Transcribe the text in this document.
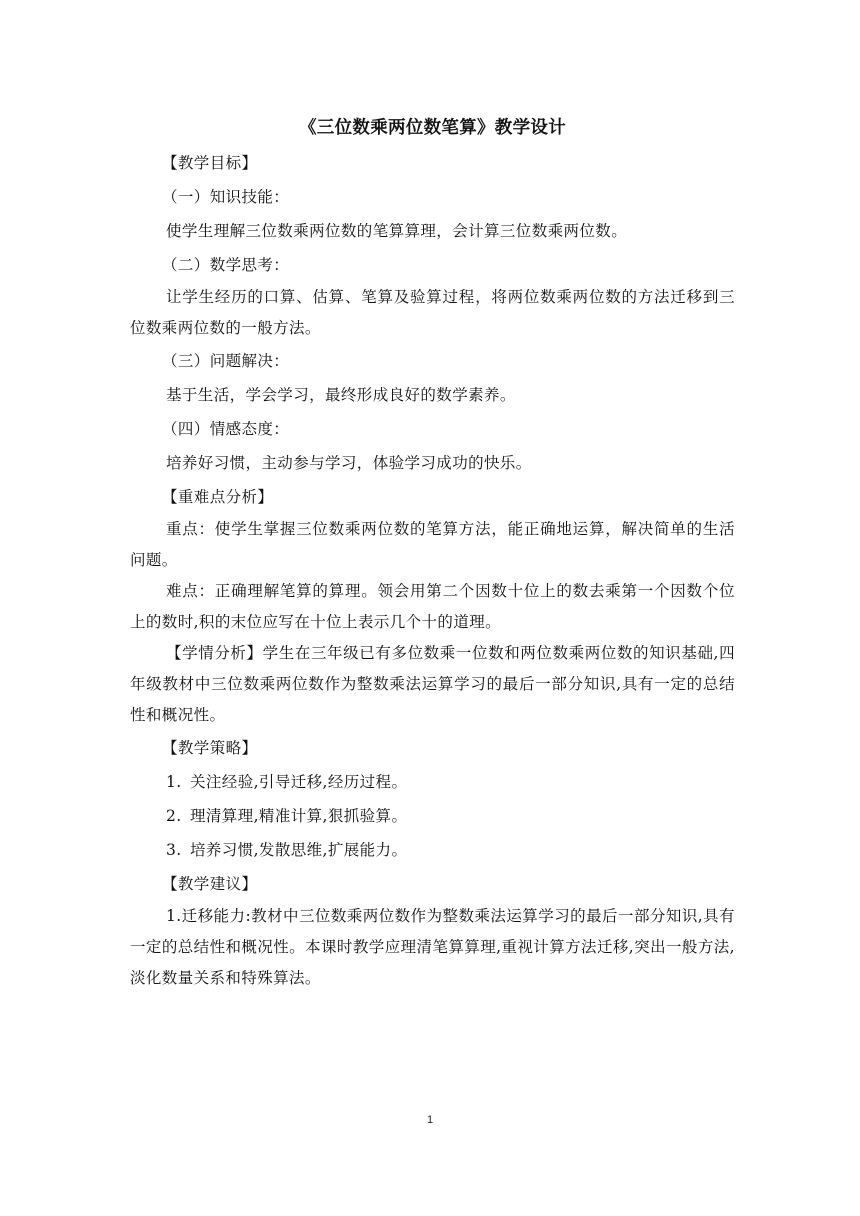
《三位数乘两位数笔算》教学设计

【教学目标】

（一）知识技能：

使学生理解三位数乘两位数的笔算算理，会计算三位数乘两位数。

（二）数学思考：

让学生经历的口算、估算、笔算及验算过程，将两位数乘两位数的方法迁移到三位数乘两位数的一般方法。

（三）问题解决：

基于生活，学会学习，最终形成良好的数学素养。

（四）情感态度：

培养好习惯，主动参与学习，体验学习成功的快乐。

【重难点分析】

重点：使学生掌握三位数乘两位数的笔算方法，能正确地运算，解决简单的生活问题。

难点：正确理解笔算的算理。领会用第二个因数十位上的数去乘第一个因数个位上的数时,积的末位应写在十位上表示几个十的道理。

【学情分析】学生在三年级已有多位数乘一位数和两位数乘两位数的知识基础,四年级教材中三位数乘两位数作为整数乘法运算学习的最后一部分知识,具有一定的总结性和概况性。

【教学策略】

1. 关注经验,引导迁移,经历过程。
2. 理清算理,精准计算,狠抓验算。
3. 培养习惯,发散思维,扩展能力。

【教学建议】

1.迁移能力:教材中三位数乘两位数作为整数乘法运算学习的最后一部分知识,具有一定的总结性和概况性。本课时教学应理清笔算算理,重视计算方法迁移,突出一般方法,淡化数量关系和特殊算法。

1
